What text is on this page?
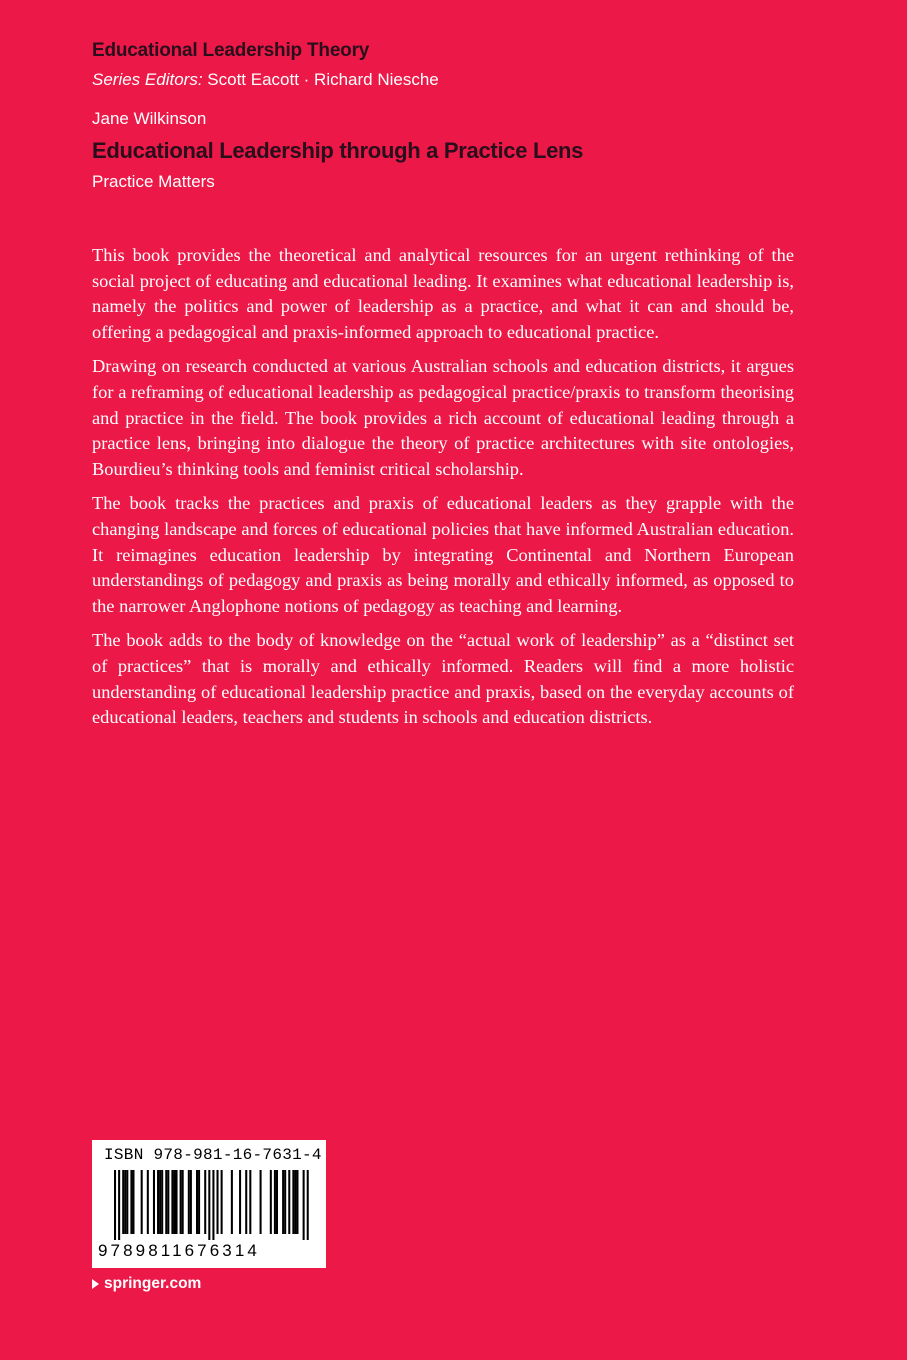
Educational Leadership Theory
Series Editors: Scott Eacott · Richard Niesche
Jane Wilkinson
Educational Leadership through a Practice Lens
Practice Matters

This book provides the theoretical and analytical resources for an urgent rethinking of the social project of educating and educational leading. It examines what educational leadership is, namely the politics and power of leadership as a practice, and what it can and should be, offering a pedagogical and praxis-informed approach to educational practice.

Drawing on research conducted at various Australian schools and education districts, it argues for a reframing of educational leadership as pedagogical practice/praxis to transform theorising and practice in the field. The book provides a rich account of educational leading through a practice lens, bringing into dialogue the theory of practice architectures with site ontologies, Bourdieu’s thinking tools and feminist critical scholarship.

The book tracks the practices and praxis of educational leaders as they grapple with the changing landscape and forces of educational policies that have informed Australian education. It reimagines education leadership by integrating Continental and Northern European understandings of pedagogy and praxis as being morally and ethically informed, as opposed to the narrower Anglophone notions of pedagogy as teaching and learning.

The book adds to the body of knowledge on the “actual work of leadership” as a “distinct set of practices” that is morally and ethically informed. Readers will find a more holistic understanding of educational leadership practice and praxis, based on the everyday accounts of educational leaders, teachers and students in schools and education districts.

ISBN 978-981-16-7631-4
9789811676314
springer.com
